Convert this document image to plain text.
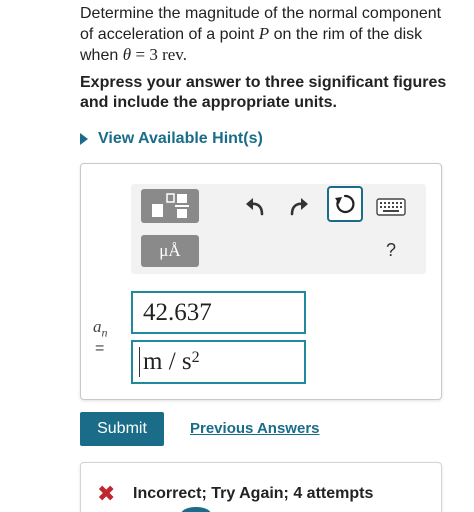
Determine the magnitude of the normal component
of acceleration of a point P on the rim of the disk
when θ = 3 rev.
Express your answer to three significant figures
and include the appropriate units.
View Available Hint(s)
μÅ	?
$a_n$
=
42.637
m / $s^2$
Submit	Previous Answers
✖ Incorrect; Try Again; 4 attempts
